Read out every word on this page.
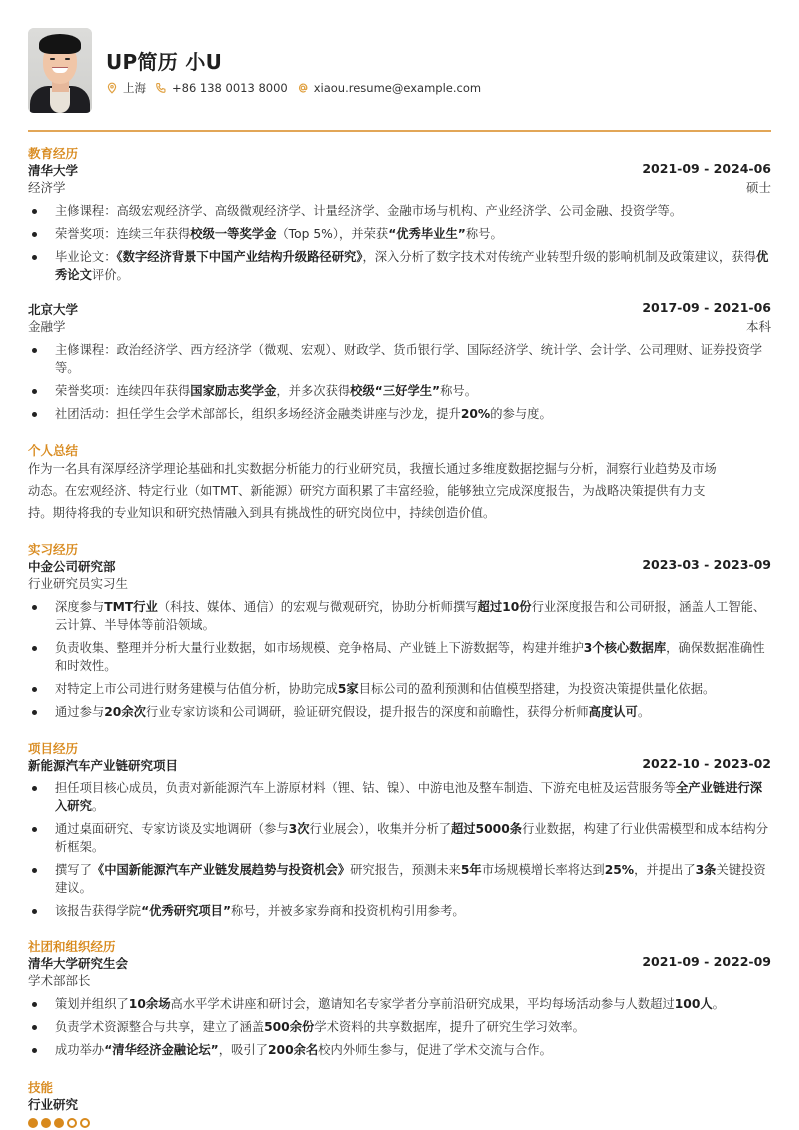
UP简历 小U
上海 +86 138 0013 8000 xiaou.resume@example.com
教育经历
清华大学	2021-09 - 2024-06
经济学	硕士
主修课程：高级宏观经济学、高级微观经济学、计量经济学、金融市场与机构、产业经济学、公司金融、投资学等。
荣誉奖项：连续三年获得校级一等奖学金（Top 5%），并荣获“优秀毕业生”称号。
毕业论文：《数字经济背景下中国产业结构升级路径研究》，深入分析了数字技术对传统产业转型升级的影响机制及政策建议，获得优秀论文评价。
北京大学	2017-09 - 2021-06
金融学	本科
主修课程：政治经济学、西方经济学（微观、宏观）、财政学、货币银行学、国际经济学、统计学、会计学、公司理财、证券投资学等。
荣誉奖项：连续四年获得国家励志奖学金，并多次获得校级“三好学生”称号。
社团活动：担任学生会学术部部长，组织多场经济金融类讲座与沙龙，提升20%的参与度。
个人总结
作为一名具有深厚经济学理论基础和扎实数据分析能力的行业研究员，我擅长通过多维度数据挖掘与分析，洞察行业趋势及市场
动态。在宏观经济、特定行业（如TMT、新能源）研究方面积累了丰富经验，能够独立完成深度报告，为战略决策提供有力支
持。期待将我的专业知识和研究热情融入到具有挑战性的研究岗位中，持续创造价值。
实习经历
中金公司研究部	2023-03 - 2023-09
行业研究员实习生
深度参与TMT行业（科技、媒体、通信）的宏观与微观研究，协助分析师撰写超过10份行业深度报告和公司研报，涵盖人工智能、云计算、半导体等前沿领域。
负责收集、整理并分析大量行业数据，如市场规模、竞争格局、产业链上下游数据等，构建并维护3个核心数据库，确保数据准确性和时效性。
对特定上市公司进行财务建模与估值分析，协助完成5家目标公司的盈利预测和估值模型搭建，为投资决策提供量化依据。
通过参与20余次行业专家访谈和公司调研，验证研究假设，提升报告的深度和前瞻性，获得分析师高度认可。
项目经历
新能源汽车产业链研究项目	2022-10 - 2023-02
担任项目核心成员，负责对新能源汽车上游原材料（锂、钴、镍）、中游电池及整车制造、下游充电桩及运营服务等全产业链进行深入研究。
通过桌面研究、专家访谈及实地调研（参与3次行业展会），收集并分析了超过5000条行业数据，构建了行业供需模型和成本结构分析框架。
撰写了《中国新能源汽车产业链发展趋势与投资机会》研究报告，预测未来5年市场规模增长率将达到25%，并提出了3条关键投资建议。
该报告获得学院“优秀研究项目”称号，并被多家券商和投资机构引用参考。
社团和组织经历
清华大学研究生会	2021-09 - 2022-09
学术部部长
策划并组织了10余场高水平学术讲座和研讨会，邀请知名专家学者分享前沿研究成果，平均每场活动参与人数超过100人。
负责学术资源整合与共享，建立了涵盖500余份学术资料的共享数据库，提升了研究生学习效率。
成功举办“清华经济金融论坛”，吸引了200余名校内外师生参与，促进了学术交流与合作。
技能
行业研究
